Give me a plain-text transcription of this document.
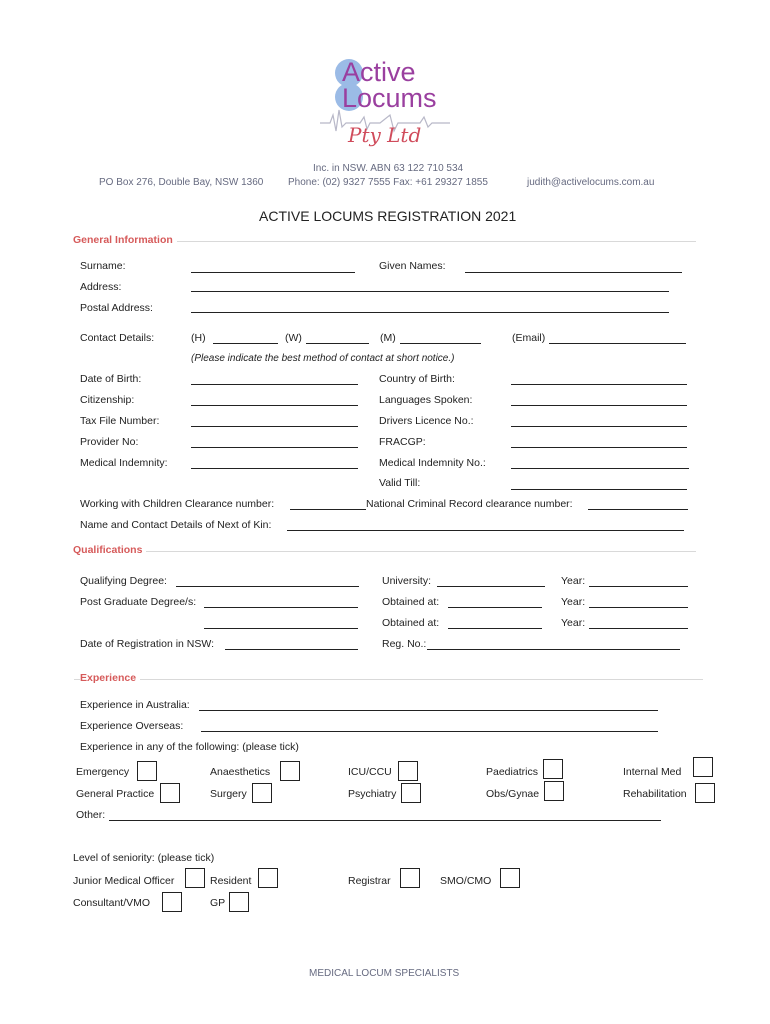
Active
Locums
Pty Ltd
Inc. in NSW. ABN 63 122 710 534
PO Box 276, Double Bay, NSW 1360 Phone: (02) 9327 7555 Fax: +61 29327 1855	judith@activelocums.com.au
ACTIVE LOCUMS REGISTRATION 2021
General Information
Surname:	Given Names:
Address:
Postal Address:
Contact Details:	(H)	(W)	(M)	(Email)
(Please indicate the best method of contact at short notice.)
Date of Birth:	Country of Birth:
Citizenship:	Languages Spoken:
Tax File Number:	Drivers Licence No.:
Provider No:	FRACGP:
Medical Indemnity:	Medical Indemnity No.:
Valid Till:
Working with Children Clearance number:	National Criminal Record clearance number:
Name and Contact Details of Next of Kin:
Qualifications
Qualifying Degree:	University:	Year:
Post Graduate Degree/s:	Obtained at:	Year:
Obtained at:	Year:
Date of Registration in NSW:	Reg. No.:
Experience
Experience in Australia:
Experience Overseas:
Experience in any of the following: (please tick)
Emergency	Anaesthetics	ICU/CCU	Paediatrics	Internal Med
General Practice	Surgery	Psychiatry	Obs/Gynae	Rehabilitation
Other:
Level of seniority: (please tick)
Junior Medical Officer	Resident	Registrar	SMO/CMO
Consultant/VMO	GP
MEDICAL LOCUM SPECIALISTS
